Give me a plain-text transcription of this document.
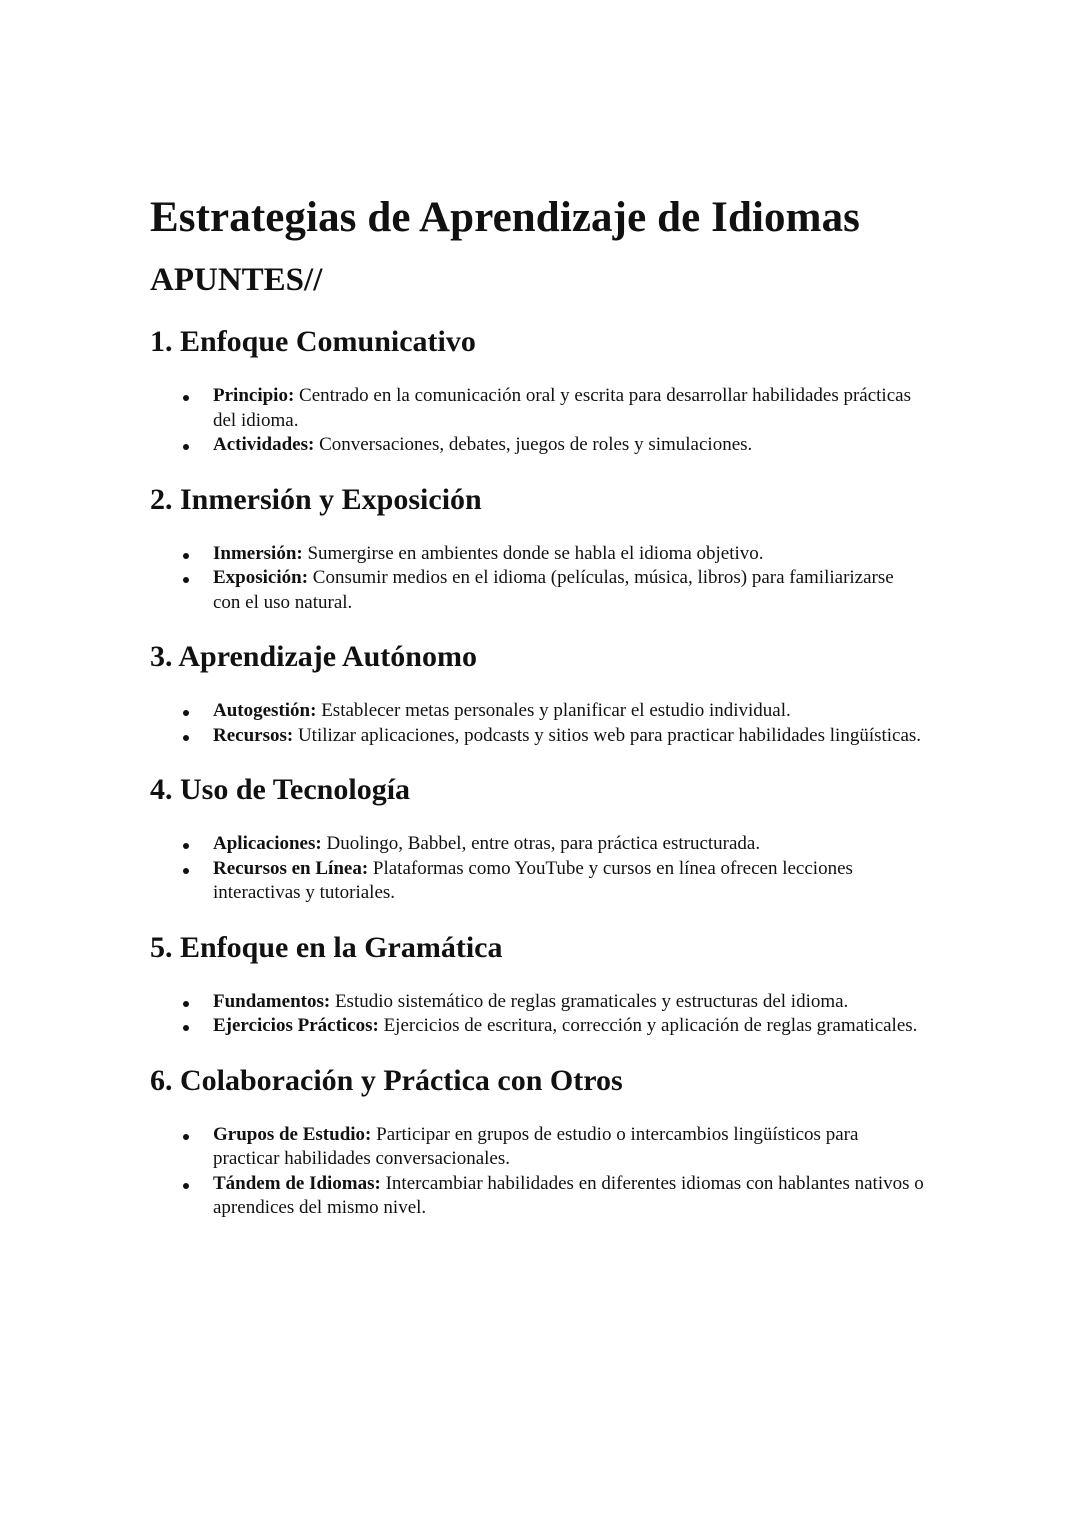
Estrategias de Aprendizaje de Idiomas
APUNTES//
1. Enfoque Comunicativo
Principio: Centrado en la comunicación oral y escrita para desarrollar habilidades prácticas del idioma.
Actividades: Conversaciones, debates, juegos de roles y simulaciones.
2. Inmersión y Exposición
Inmersión: Sumergirse en ambientes donde se habla el idioma objetivo.
Exposición: Consumir medios en el idioma (películas, música, libros) para familiarizarse con el uso natural.
3. Aprendizaje Autónomo
Autogestión: Establecer metas personales y planificar el estudio individual.
Recursos: Utilizar aplicaciones, podcasts y sitios web para practicar habilidades lingüísticas.
4. Uso de Tecnología
Aplicaciones: Duolingo, Babbel, entre otras, para práctica estructurada.
Recursos en Línea: Plataformas como YouTube y cursos en línea ofrecen lecciones interactivas y tutoriales.
5. Enfoque en la Gramática
Fundamentos: Estudio sistemático de reglas gramaticales y estructuras del idioma.
Ejercicios Prácticos: Ejercicios de escritura, corrección y aplicación de reglas gramaticales.
6. Colaboración y Práctica con Otros
Grupos de Estudio: Participar en grupos de estudio o intercambios lingüísticos para practicar habilidades conversacionales.
Tándem de Idiomas: Intercambiar habilidades en diferentes idiomas con hablantes nativos o aprendices del mismo nivel.
